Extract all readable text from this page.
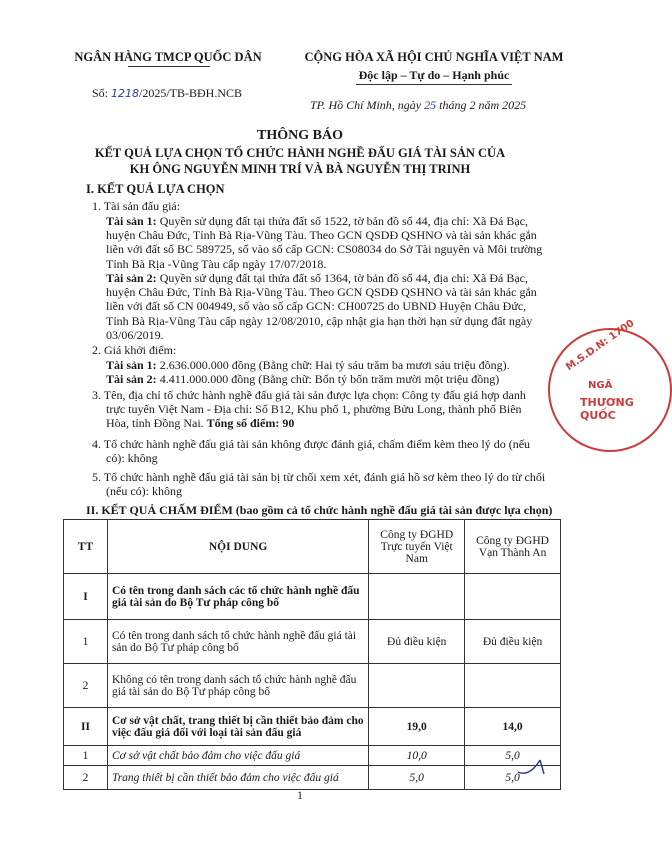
NGÂN HÀNG TMCP QUỐC DÂN	CỘNG HÒA XÃ HỘI CHỦ NGHĨA VIỆT NAM
Độc lập – Tự do – Hạnh phúc
Số: 1218/2025/TB-BĐH.NCB
TP. Hồ Chí Minh, ngày 25 tháng 2 năm 2025
THÔNG BÁO
KẾT QUẢ LỰA CHỌN TỔ CHỨC HÀNH NGHỀ ĐẤU GIÁ TÀI SẢN CỦA
KH ÔNG NGUYỄN MINH TRÍ VÀ BÀ NGUYỄN THỊ TRINH
I. KẾT QUẢ LỰA CHỌN
1. Tài sản đấu giá:
Tài sản 1: Quyền sử dụng đất tại thửa đất số 1522, tờ bản đồ số 44, địa chỉ: Xã Đá Bạc,
huyện Châu Đức, Tỉnh Bà Rịa-Vũng Tàu. Theo GCN QSDĐ QSHNO và tài sản khác gắn
liền với đất số BC 589725, số vào số cấp GCN: CS08034 do Sở Tài nguyên và Môi trường
Tỉnh Bà Rịa -Vũng Tàu cấp ngày 17/07/2018.
Tài sản 2: Quyền sử dụng đất tại thửa đất số 1364, tờ bản đồ số 44, địa chỉ: Xã Đá Bạc,
huyện Châu Đức, Tỉnh Bà Rịa-Vũng Tàu. Theo GCN QSDĐ QSHNO và tài sản khác gắn
liền với đất số CN 004949, số vào số cấp GCN: CH00725 do UBND Huyện Châu Đức,
Tỉnh Bà Rịa-Vũng Tàu cấp ngày 12/08/2010, cập nhật gia hạn thời hạn sử dụng đất ngày
03/06/2019.
2. Giá khởi điểm:
Tài sản 1: 2.636.000.000 đồng (Bằng chữ: Hai tỷ sáu trăm ba mươi sáu triệu đồng).
Tài sản 2: 4.411.000.000 đồng (Bằng chữ: Bốn tỷ bốn trăm mười một triệu đồng)
3. Tên, địa chỉ tổ chức hành nghề đấu giá tài sản được lựa chọn: Công ty đấu giá hợp danh
trực tuyến Việt Nam - Địa chỉ: Số B12, Khu phố 1, phường Bửu Long, thành phố Biên
Hòa, tỉnh Đồng Nai. Tổng số điểm: 90
4. Tổ chức hành nghề đấu giá tài sản không được đánh giá, chấm điểm kèm theo lý do (nếu
có): không
5. Tổ chức hành nghề đấu giá tài sản bị từ chối xem xét, đánh giá hồ sơ kèm theo lý do từ chối
(nếu có): không
II. KẾT QUẢ CHẤM ĐIỂM (bao gồm cả tổ chức hành nghề đấu giá tài sản được lựa chọn)
TT	NỘI DUNG	Công ty ĐGHD Trực tuyến Việt Nam	Công ty ĐGHD Vạn Thành An
I	Có tên trong danh sách các tổ chức hành nghề đấu giá tài sản do Bộ Tư pháp công bố		
1	Có tên trong danh sách tổ chức hành nghề đấu giá tài sản do Bộ Tư pháp công bố	Đủ điều kiện	Đủ điều kiện
2	Không có tên trong danh sách tổ chức hành nghề đấu giá tài sản do Bộ Tư pháp công bố		
II	Cơ sở vật chất, trang thiết bị cần thiết bảo đảm cho việc đấu giá đối với loại tài sản đấu giá	19,0	14,0
1	Cơ sở vật chất bảo đảm cho việc đấu giá	10,0	5,0
2	Trang thiết bị cần thiết bảo đảm cho việc đấu giá	5,0	5,0
M.S.D.N: 1700
NGÂ
THƯƠNG QUỐC
1
